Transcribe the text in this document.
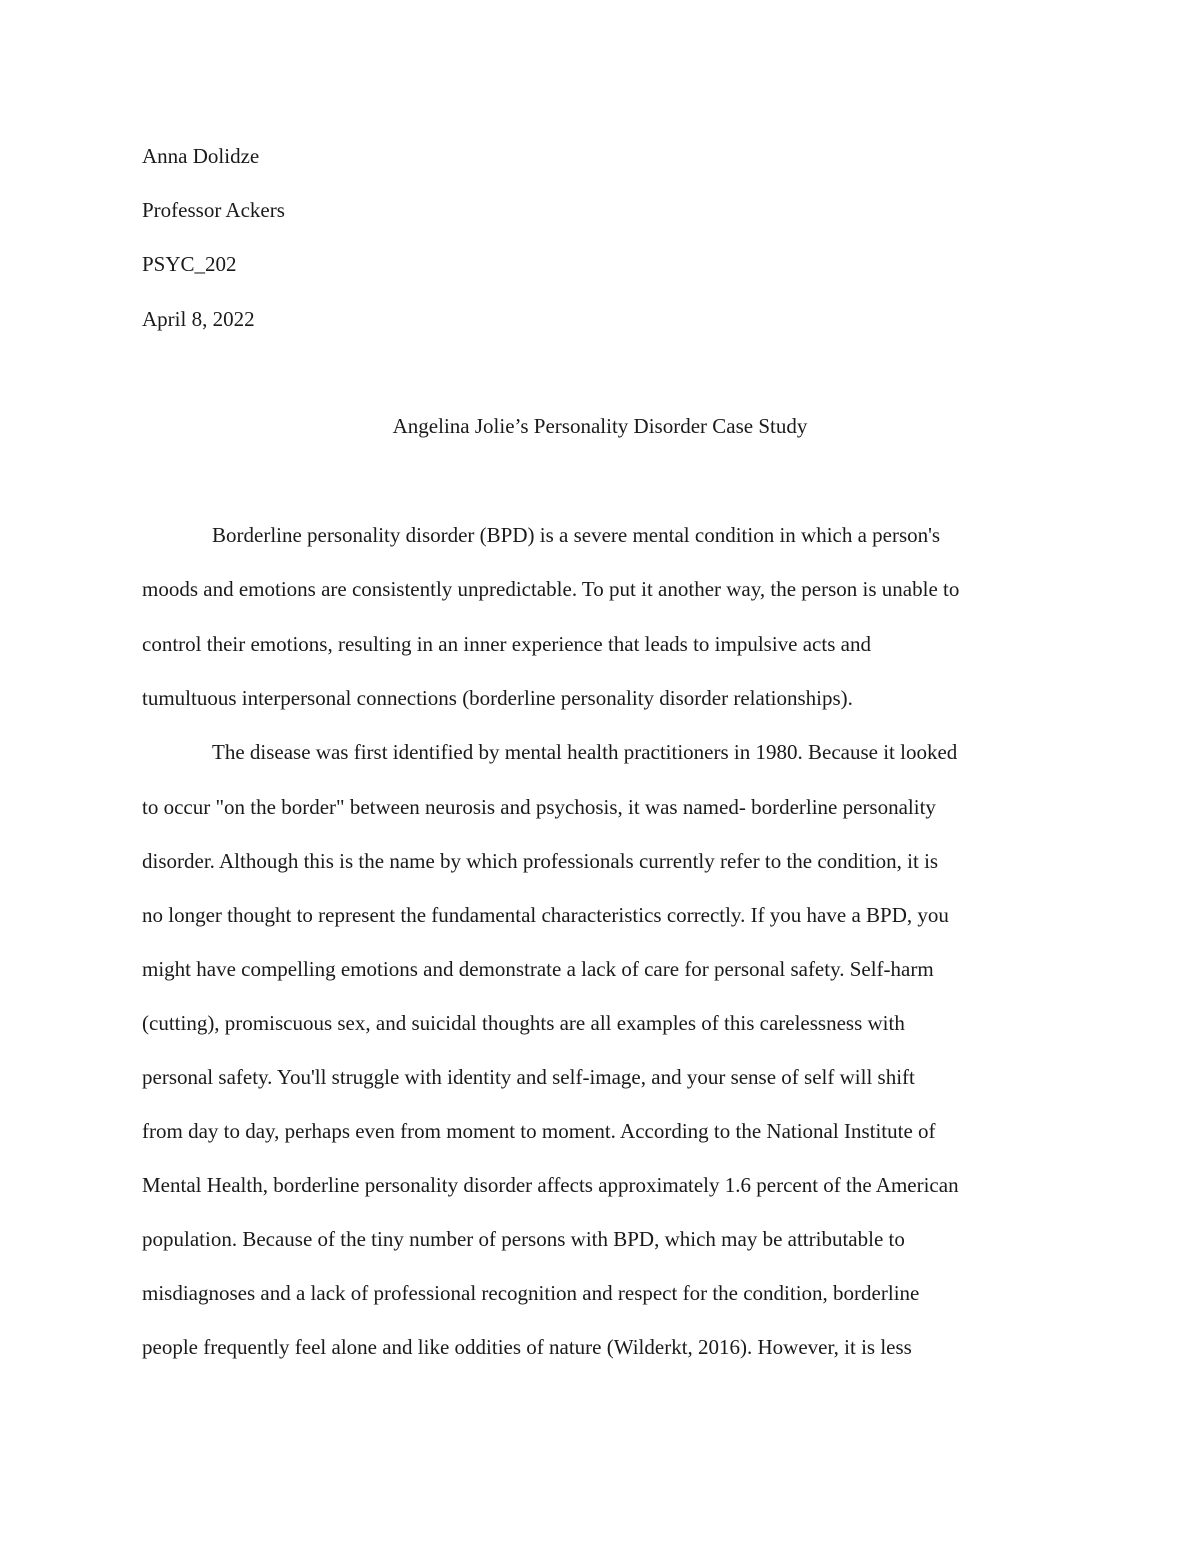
Anna Dolidze
Professor Ackers
PSYC_202
April 8, 2022
Angelina Jolie’s Personality Disorder Case Study
Borderline personality disorder (BPD) is a severe mental condition in which a person's
moods and emotions are consistently unpredictable. To put it another way, the person is unable to
control their emotions, resulting in an inner experience that leads to impulsive acts and
tumultuous interpersonal connections (borderline personality disorder relationships).
The disease was first identified by mental health practitioners in 1980. Because it looked
to occur "on the border" between neurosis and psychosis, it was named- borderline personality
disorder. Although this is the name by which professionals currently refer to the condition, it is
no longer thought to represent the fundamental characteristics correctly. If you have a BPD, you
might have compelling emotions and demonstrate a lack of care for personal safety. Self-harm
(cutting), promiscuous sex, and suicidal thoughts are all examples of this carelessness with
personal safety. You'll struggle with identity and self-image, and your sense of self will shift
from day to day, perhaps even from moment to moment. According to the National Institute of
Mental Health, borderline personality disorder affects approximately 1.6 percent of the American
population. Because of the tiny number of persons with BPD, which may be attributable to
misdiagnoses and a lack of professional recognition and respect for the condition, borderline
people frequently feel alone and like oddities of nature (Wilderkt, 2016). However, it is less
